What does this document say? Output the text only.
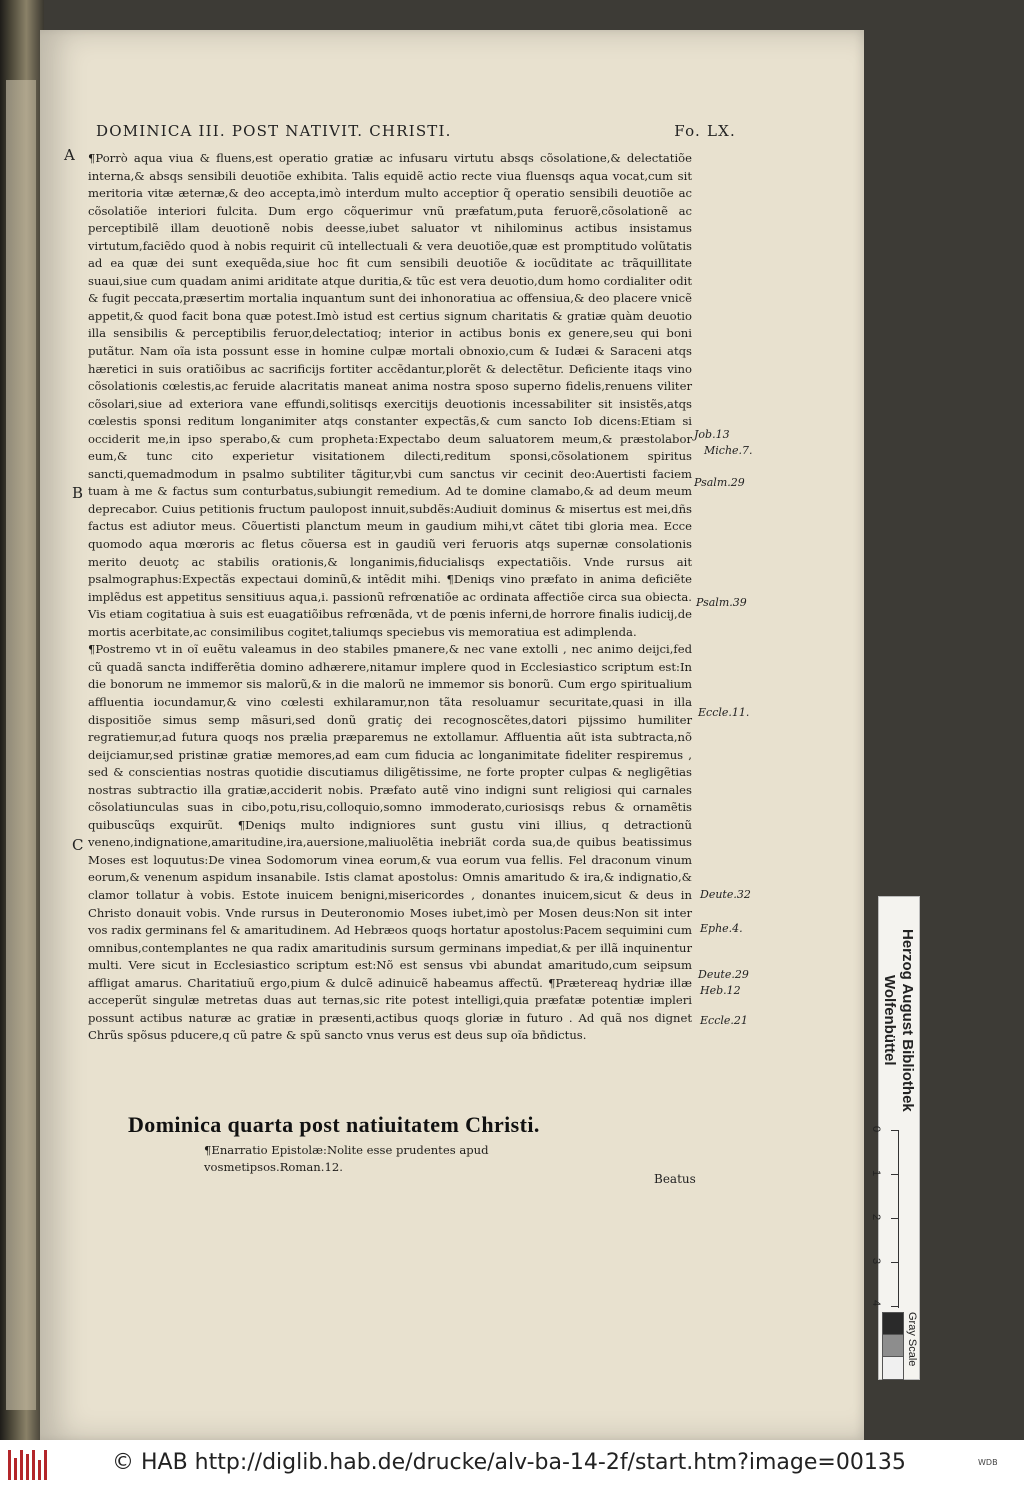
DOMINICA III. POST NATIVIT. CHRISTI.	Fo. LX.
A
B
C

¶Porrò aqua viua & fluens,est operatio gratiæ ac infusaru virtutu absqs cõsolatione,& delectatiõe interna,& absqs sensibili deuotiõe exhibita. Talis equidẽ actio recte viua fluensqs aqua vocat,cum sit meritoria vitæ æternæ,& deo accepta,imò interdum multo acceptior q̃ operatio sensibili deuotiõe ac cõsolatiõe interiori fulcita. Dum ergo cõquerimur vnũ præfatum,puta feruorẽ,cõsolationẽ ac perceptibilẽ illam deuotionẽ nobis deesse,iubet saluator vt nihilominus actibus insistamus virtutum,faciẽdo quod à nobis requirit cũ intellectuali & vera deuotiõe,quæ est promptitudo volũtatis ad ea quæ dei sunt exequẽda,siue hoc fit cum sensibili deuotiõe & iocũditate ac trãquillitate suaui,siue cum quadam animi ariditate atque duritia,& tũc est vera deuotio,dum homo cordialiter odit & fugit peccata,præsertim mortalia inquantum sunt dei inhonoratiua ac offensiua,& deo placere vnicẽ appetit,& quod facit bona quæ potest.Imò istud est certius signum charitatis & gratiæ quàm deuotio illa sensibilis & perceptibilis feruor,delectatioq; interior in actibus bonis ex genere,seu qui boni putãtur. Nam oĩa ista possunt esse in homine culpæ mortali obnoxio,cum & Iudæi & Saraceni atqs hæretici in suis oratiõibus ac sacrificijs fortiter accẽdantur,plorẽt & delectẽtur. Deficiente itaqs vino cõsolationis cœlestis,ac feruide alacritatis maneat anima nostra sposo superno fidelis,renuens viliter cõsolari,siue ad exteriora vane effundi,solitisqs exercitijs deuotionis incessabiliter sit insistẽs,atqs cœlestis sponsi reditum longanimiter atqs constanter expectãs,& cum sancto Iob dicens:Etiam si occiderit me,in ipso sperabo,& cum propheta:Expectabo deum saluatorem meum,& præstolabor eum,& tunc cito experietur visitationem dilecti,reditum sponsi,cõsolationem spiritus sancti,quemadmodum in psalmo subtiliter tãgitur,vbi cum sanctus vir cecinit deo:Auertisti faciem tuam à me & factus sum conturbatus,subiungit remedium. Ad te domine clamabo,& ad deum meum deprecabor. Cuius petitionis fructum paulopost innuit,subdẽs:Audiuit dominus & misertus est mei,dñs factus est adiutor meus. Cõuertisti planctum meum in gaudium mihi,vt cãtet tibi gloria mea. Ecce quomodo aqua mœroris ac fletus cõuersa est in gaudiũ veri feruoris atqs supernæ consolationis merito deuotç ac stabilis orationis,& longanimis,fiducialisqs expectatiõis. Vnde rursus ait psalmographus:Expectãs expectaui dominũ,& intẽdit mihi. ¶Deniqs vino præfato in anima deficiẽte implẽdus est appetitus sensitiuus aqua,i. passionũ refrœnatiõe ac ordinata affectiõe circa sua obiecta. Vis etiam cogitatiua à suis est euagatiõibus refrœnãda, vt de pœnis inferni,de horrore finalis iudicij,de mortis acerbitate,ac consimilibus cogitet,taliumqs speciebus vis memoratiua est adimplenda.

¶Postremo vt in oĩ euẽtu valeamus in deo stabiles pmanere,& nec vane extolli , nec animo deijci,fed cũ quadã sancta indifferẽtia domino adhærere,nitamur implere quod in Ecclesiastico scriptum est:In die bonorum ne immemor sis malorũ,& in die malorũ ne immemor sis bonorũ. Cum ergo spiritualium affluentia iocundamur,& vino cœlesti exhilaramur,non tãta resoluamur securitate,quasi in illa dispositiõe simus semp mãsuri,sed donũ gratiç dei recognoscẽtes,datori pijssimo humiliter regratiemur,ad futura quoqs nos prælia præparemus ne extollamur. Affluentia aũt ista subtracta,nõ deijciamur,sed pristinæ gratiæ memores,ad eam cum fiducia ac longanimitate fideliter respiremus , sed & conscientias nostras quotidie discutiamus diligẽtissime, ne forte propter culpas & negligẽtias nostras subtractio illa gratiæ,acciderit nobis. Præfato autẽ vino indigni sunt religiosi qui carnales cõsolatiunculas suas in cibo,potu,risu,colloquio,somno immoderato,curiosisqs rebus & ornamẽtis quibuscũqs exquirũt. ¶Deniqs multo indigniores sunt gustu vini illius, q detractionũ veneno,indignatione,amaritudine,ira,auersione,maliuolẽtia inebriãt corda sua,de quibus beatissimus Moses est loquutus:De vinea Sodomorum vinea eorum,& vua eorum vua fellis. Fel draconum vinum eorum,& venenum aspidum insanabile. Istis clamat apostolus: Omnis amaritudo & ira,& indignatio,& clamor tollatur à vobis. Estote inuicem benigni,misericordes , donantes inuicem,sicut & deus in Christo donauit vobis. Vnde rursus in Deuteronomio Moses iubet,imò per Mosen deus:Non sit inter vos radix germinans fel & amaritudinem. Ad Hebræos quoqs hortatur apostolus:Pacem sequimini cum omnibus,contemplantes ne qua radix amaritudinis sursum germinans impediat,& per illã inquinentur multi. Vere sicut in Ecclesiastico scriptum est:Nõ est sensus vbi abundat amaritudo,cum seipsum affligat amarus. Charitatiuũ ergo,pium & dulcẽ adinuicẽ habeamus affectũ. ¶Prætereaq hydriæ illæ acceperũt singulæ metretas duas aut ternas,sic rite potest intelligi,quia præfatæ potentiæ impleri possunt actibus naturæ ac gratiæ in præsenti,actibus quoqs gloriæ in futuro . Ad quã nos dignet Chrũs spõsus pducere,q cũ patre & spũ sancto vnus verus est deus sup oĩa bñdictus.

Job.13
Miche.7.
Psalm.29
Psalm.39
Eccle.11.
Deute.32
Ephe.4.
Deute.29
Heb.12
Eccle.21
Dominica quarta post natiuitatem Christi.
¶Enarratio Epistolæ:Nolite esse prudentes apud vosmetipsos.Roman.12.
Beatus
Herzog August Bibliothek Wolfenbüttel
0
1
2
3
4
Gray Scale
© HAB http://diglib.hab.de/drucke/alv-ba-14-2f/start.htm?image=00135	WDB
